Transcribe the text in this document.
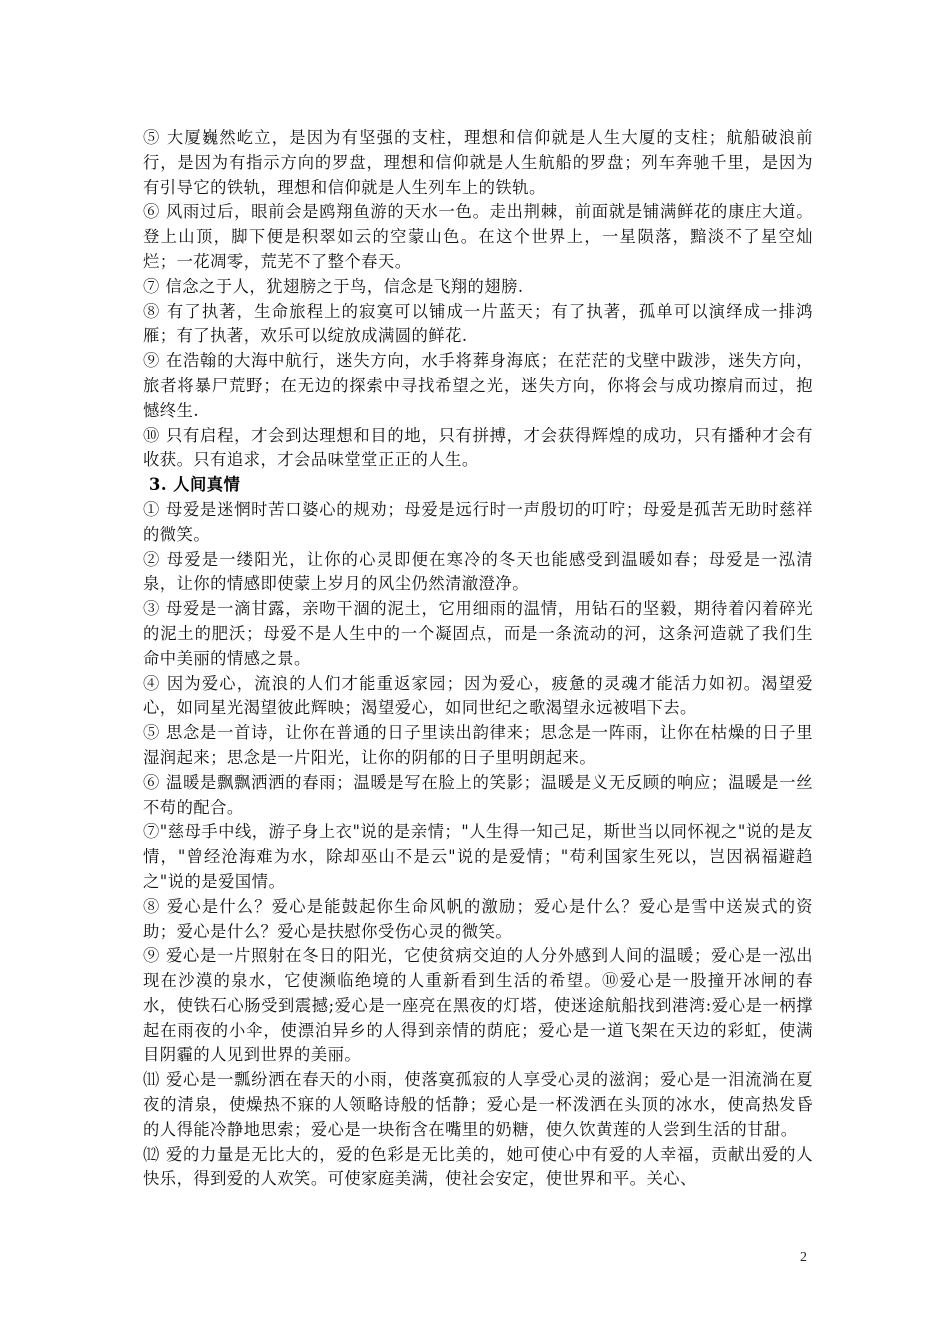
⑤ 大厦巍然屹立，是因为有坚强的支柱，理想和信仰就是人生大厦的支柱；航船破浪前行，是因为有指示方向的罗盘，理想和信仰就是人生航船的罗盘；列车奔驰千里，是因为有引导它的铁轨，理想和信仰就是人生列车上的铁轨。

⑥ 风雨过后，眼前会是鸥翔鱼游的天水一色。走出荆棘，前面就是铺满鲜花的康庄大道。登上山顶，脚下便是积翠如云的空蒙山色。在这个世界上，一星陨落，黯淡不了星空灿烂；一花凋零，荒芜不了整个春天。

⑦ 信念之于人，犹翅膀之于鸟，信念是飞翔的翅膀.

⑧ 有了执著，生命旅程上的寂寞可以铺成一片蓝天；有了执著，孤单可以演绎成一排鸿雁；有了执著，欢乐可以绽放成满圆的鲜花.

⑨ 在浩翰的大海中航行，迷失方向，水手将葬身海底；在茫茫的戈壁中跋涉，迷失方向，旅者将暴尸荒野；在无边的探索中寻找希望之光，迷失方向，你将会与成功擦肩而过，抱憾终生.

⑩ 只有启程，才会到达理想和目的地，只有拼搏，才会获得辉煌的成功，只有播种才会有收获。只有追求，才会品味堂堂正正的人生。

3. 人间真情

① 母爱是迷惘时苦口婆心的规劝；母爱是远行时一声殷切的叮咛；母爱是孤苦无助时慈祥的微笑。

② 母爱是一缕阳光，让你的心灵即便在寒冷的冬天也能感受到温暖如春；母爱是一泓清泉，让你的情感即使蒙上岁月的风尘仍然清澈澄净。

③ 母爱是一滴甘露，亲吻干涸的泥土，它用细雨的温情，用钻石的坚毅，期待着闪着碎光的泥土的肥沃；母爱不是人生中的一个凝固点，而是一条流动的河，这条河造就了我们生命中美丽的情感之景。

④ 因为爱心，流浪的人们才能重返家园；因为爱心，疲惫的灵魂才能活力如初。渴望爱心，如同星光渴望彼此辉映；渴望爱心，如同世纪之歌渴望永远被唱下去。

⑤ 思念是一首诗，让你在普通的日子里读出韵律来；思念是一阵雨，让你在枯燥的日子里湿润起来；思念是一片阳光，让你的阴郁的日子里明朗起来。

⑥ 温暖是飘飘洒洒的春雨；温暖是写在脸上的笑影；温暖是义无反顾的响应；温暖是一丝不苟的配合。

⑦"慈母手中线，游子身上衣"说的是亲情；"人生得一知己足，斯世当以同怀视之"说的是友情，"曾经沧海难为水，除却巫山不是云"说的是爱情；"苟利国家生死以，岂因祸福避趋之"说的是爱国情。

⑧ 爱心是什么？爱心是能鼓起你生命风帆的激励；爱心是什么？爱心是雪中送炭式的资助；爱心是什么？爱心是扶慰你受伤心灵的微笑。

⑨ 爱心是一片照射在冬日的阳光，它使贫病交迫的人分外感到人间的温暖；爱心是一泓出现在沙漠的泉水，它使濒临绝境的人重新看到生活的希望。⑩爱心是一股撞开冰闸的春水，使铁石心肠受到震撼;爱心是一座亮在黑夜的灯塔，使迷途航船找到港湾:爱心是一柄撑起在雨夜的小伞，使漂泊异乡的人得到亲情的荫庇；爱心是一道飞架在天边的彩虹，使满目阴霾的人见到世界的美丽。

⑾ 爱心是一瓢纷洒在春天的小雨，使落寞孤寂的人享受心灵的滋润；爱心是一泪流淌在夏夜的清泉，使燥热不寐的人领略诗般的恬静；爱心是一杯泼洒在头顶的冰水，使高热发昏的人得能冷静地思索；爱心是一块衔含在嘴里的奶糖，使久饮黄莲的人尝到生活的甘甜。

⑿ 爱的力量是无比大的，爱的色彩是无比美的，她可使心中有爱的人幸福，贡献出爱的人快乐，得到爱的人欢笑。可使家庭美满，使社会安定，使世界和平。关心、

2
